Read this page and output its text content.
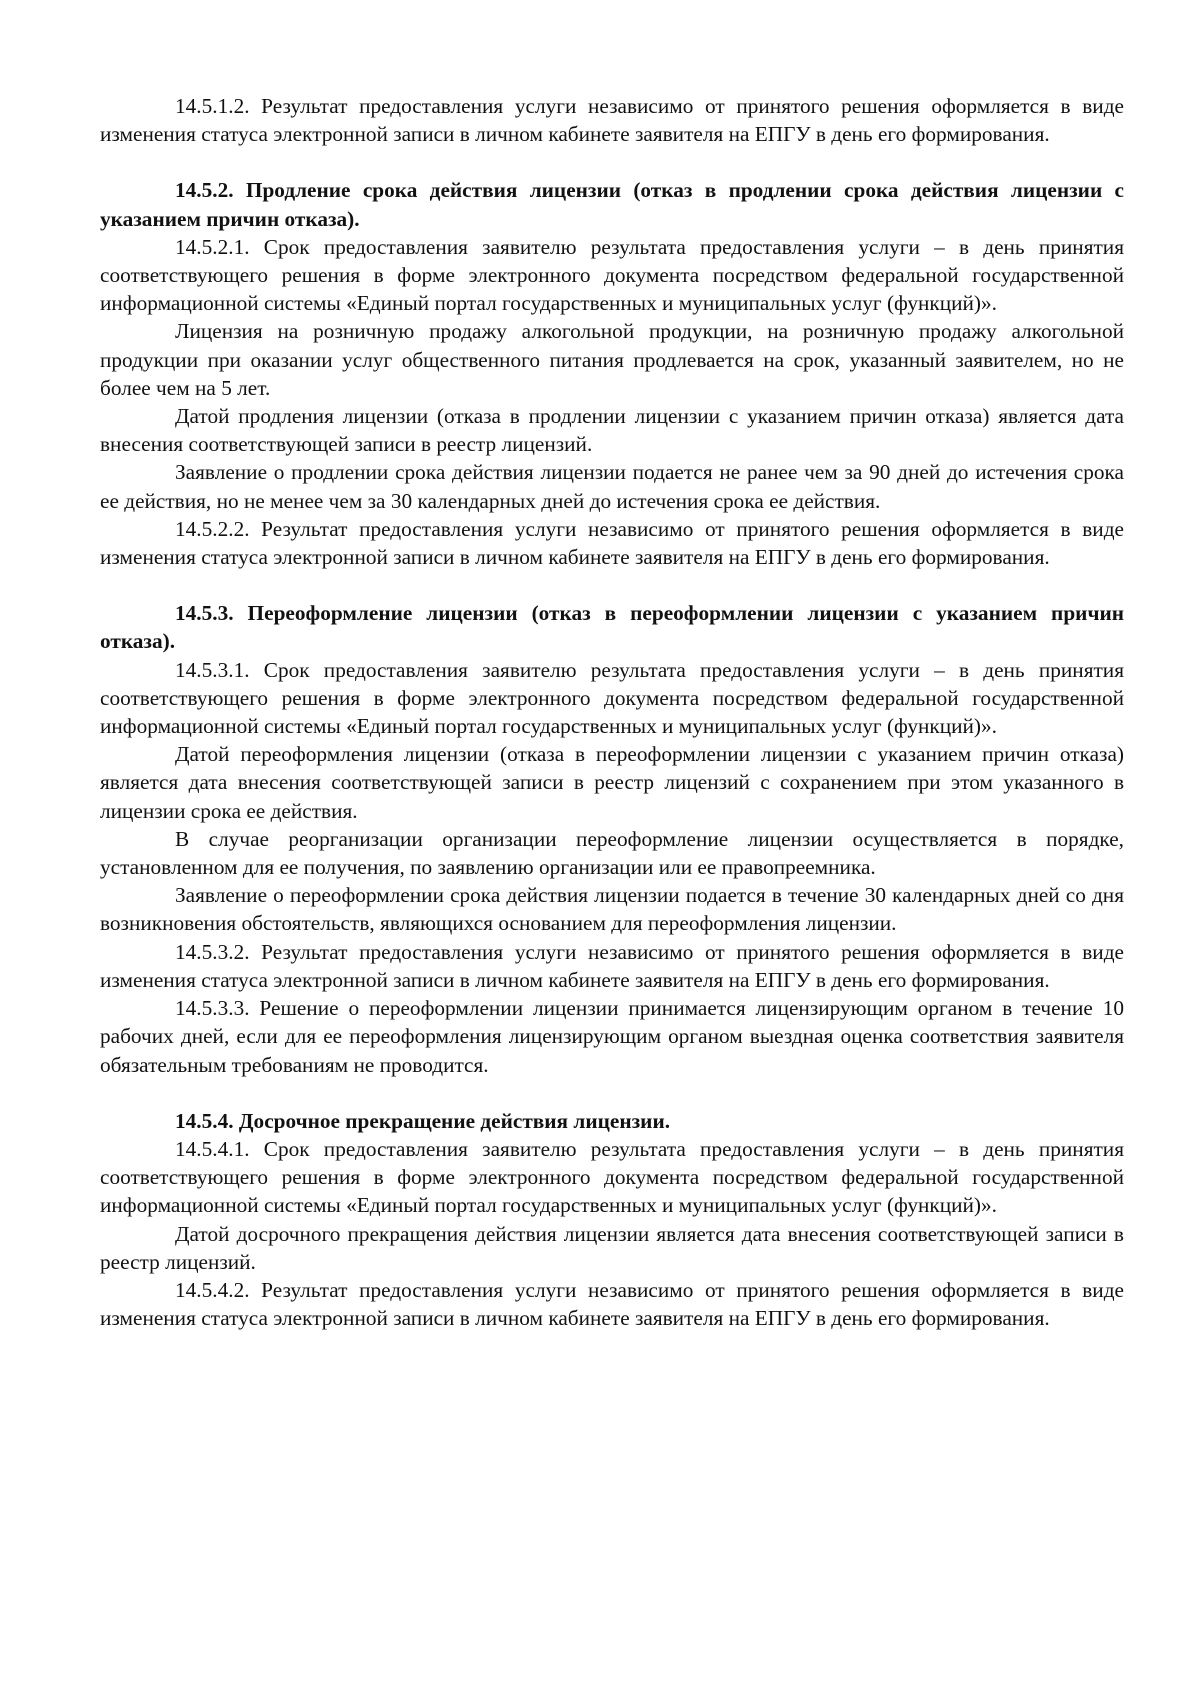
14.5.1.2. Результат предоставления услуги независимо от принятого решения оформляется в виде изменения статуса электронной записи в личном кабинете заявителя на ЕПГУ в день его формирования.

14.5.2. Продление срока действия лицензии (отказ в продлении срока действия лицензии с указанием причин отказа).

14.5.2.1. Срок предоставления заявителю результата предоставления услуги – в день принятия соответствующего решения в форме электронного документа посредством федеральной государственной информационной системы «Единый портал государственных и муниципальных услуг (функций)».

Лицензия на розничную продажу алкогольной продукции, на розничную продажу алкогольной продукции при оказании услуг общественного питания продлевается на срок, указанный заявителем, но не более чем на 5 лет.

Датой продления лицензии (отказа в продлении лицензии с указанием причин отказа) является дата внесения соответствующей записи в реестр лицензий.

Заявление о продлении срока действия лицензии подается не ранее чем за 90 дней до истечения срока ее действия, но не менее чем за 30 календарных дней до истечения срока ее действия.

14.5.2.2. Результат предоставления услуги независимо от принятого решения оформляется в виде изменения статуса электронной записи в личном кабинете заявителя на ЕПГУ в день его формирования.

14.5.3. Переоформление лицензии (отказ в переоформлении лицензии с указанием причин отказа).

14.5.3.1. Срок предоставления заявителю результата предоставления услуги – в день принятия соответствующего решения в форме электронного документа посредством федеральной государственной информационной системы «Единый портал государственных и муниципальных услуг (функций)».

Датой переоформления лицензии (отказа в переоформлении лицензии с указанием причин отказа) является дата внесения соответствующей записи в реестр лицензий с сохранением при этом указанного в лицензии срока ее действия.

В случае реорганизации организации переоформление лицензии осуществляется в порядке, установленном для ее получения, по заявлению организации или ее правопреемника.

Заявление о переоформлении срока действия лицензии подается в течение 30 календарных дней со дня возникновения обстоятельств, являющихся основанием для переоформления лицензии.

14.5.3.2. Результат предоставления услуги независимо от принятого решения оформляется в виде изменения статуса электронной записи в личном кабинете заявителя на ЕПГУ в день его формирования.

14.5.3.3. Решение о переоформлении лицензии принимается лицензирующим органом в течение 10 рабочих дней, если для ее переоформления лицензирующим органом выездная оценка соответствия заявителя обязательным требованиям не проводится.

14.5.4. Досрочное прекращение действия лицензии.

14.5.4.1. Срок предоставления заявителю результата предоставления услуги – в день принятия соответствующего решения в форме электронного документа посредством федеральной государственной информационной системы «Единый портал государственных и муниципальных услуг (функций)».

Датой досрочного прекращения действия лицензии является дата внесения соответствующей записи в реестр лицензий.

14.5.4.2. Результат предоставления услуги независимо от принятого решения оформляется в виде изменения статуса электронной записи в личном кабинете заявителя на ЕПГУ в день его формирования.
